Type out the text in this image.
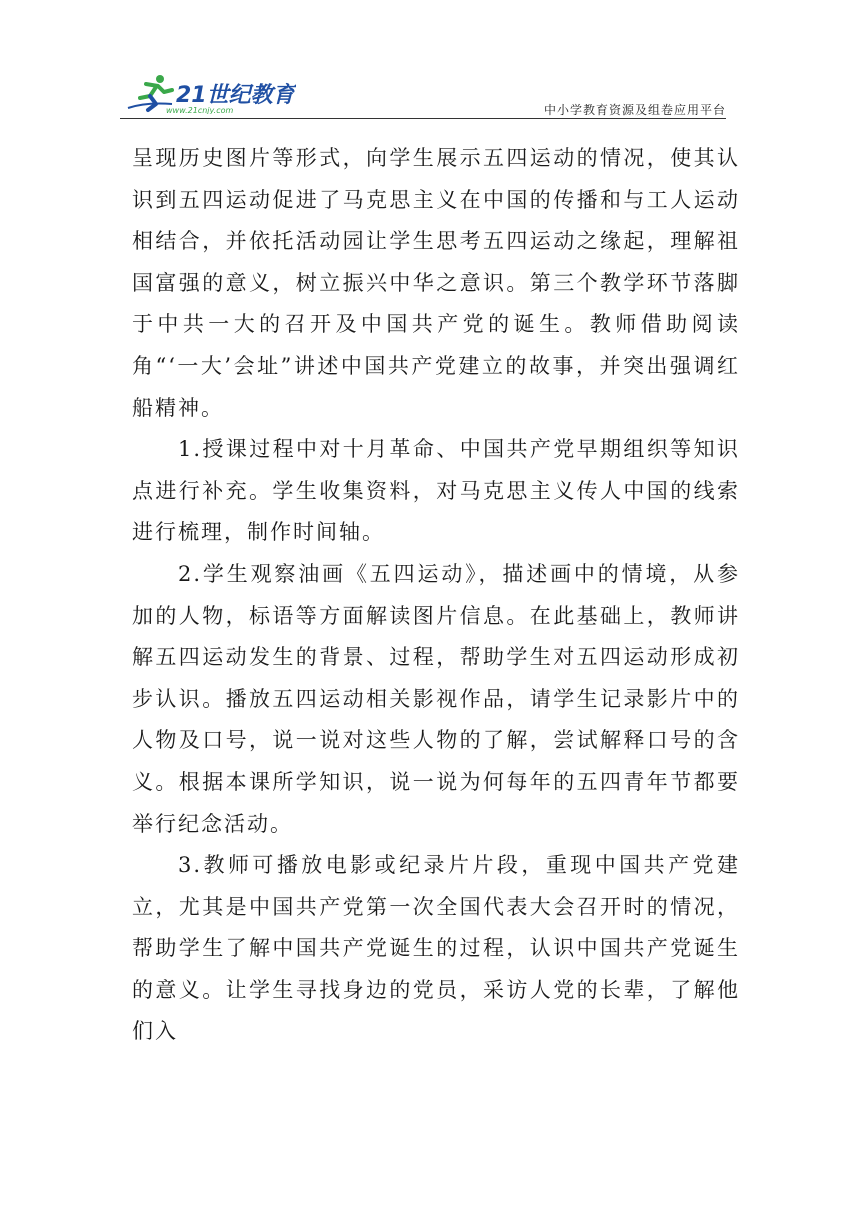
21世纪教育
www.21cnjy.com	中小学教育资源及组卷应用平台

呈现历史图片等形式，向学生展示五四运动的情况，使其认识到五四运动促进了马克思主义在中国的传播和与工人运动相结合，并依托活动园让学生思考五四运动之缘起，理解祖国富强的意义，树立振兴中华之意识。第三个教学环节落脚于中共一大的召开及中国共产党的诞生。教师借助阅读角“‘一大’会址”讲述中国共产党建立的故事，并突出强调红船精神。

1.授课过程中对十月革命、中国共产党早期组织等知识点进行补充。学生收集资料，对马克思主义传人中国的线索进行梳理，制作时间轴。

2.学生观察油画《五四运动》，描述画中的情境，从参加的人物，标语等方面解读图片信息。在此基础上，教师讲解五四运动发生的背景、过程，帮助学生对五四运动形成初步认识。播放五四运动相关影视作品，请学生记录影片中的人物及口号，说一说对这些人物的了解，尝试解释口号的含义。根据本课所学知识，说一说为何每年的五四青年节都要举行纪念活动。

3.教师可播放电影或纪录片片段，重现中国共产党建立，尤其是中国共产党第一次全国代表大会召开时的情况，帮助学生了解中国共产党诞生的过程，认识中国共产党诞生的意义。让学生寻找身边的党员，采访人党的长辈，了解他们入
